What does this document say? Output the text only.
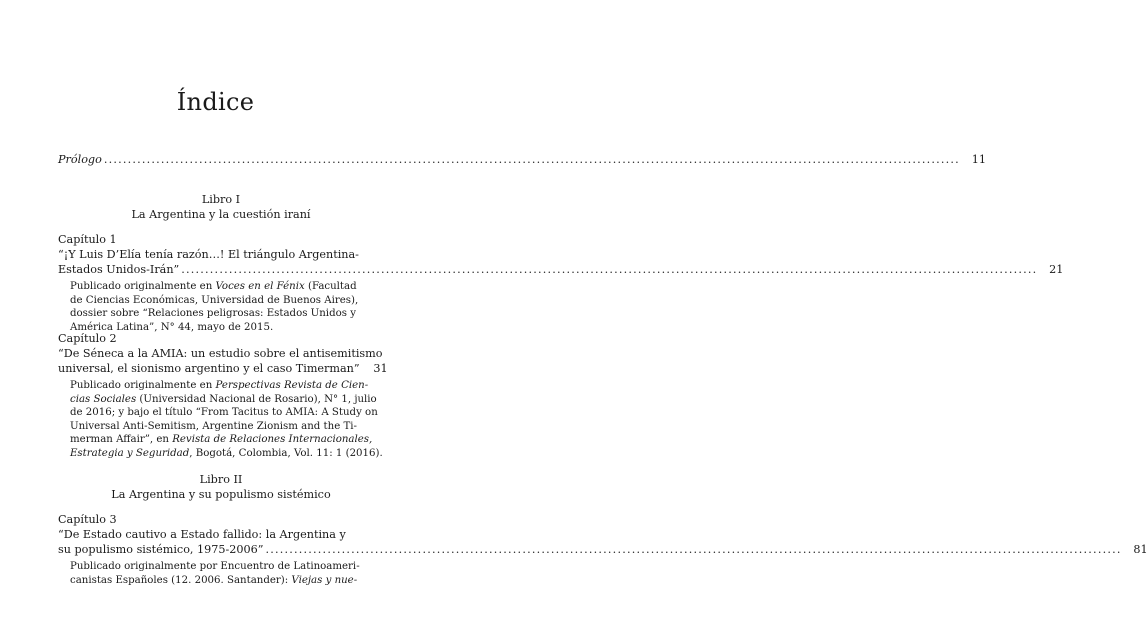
Índice
Prólogo .....	11
Libro I
La Argentina y la cuestión iraní
Capítulo 1
“¡Y Luis D’Elía tenía razón…! El triángulo Argentina-
Estados Unidos-Irán” .....	21
Publicado originalmente en Voces en el Fénix (Facultad
de Ciencias Económicas, Universidad de Buenos Aires),
dossier sobre “Relaciones peligrosas: Estados Unidos y
América Latina”, N° 44, mayo de 2015.
Capítulo 2
“De Séneca a la AMIA: un estudio sobre el antisemitismo
universal, el sionismo argentino y el caso Timerman”	31
Publicado originalmente en Perspectivas Revista de Cien-
cias Sociales (Universidad Nacional de Rosario), N° 1, julio
de 2016; y bajo el título “From Tacitus to AMIA: A Study on
Universal Anti-Semitism, Argentine Zionism and the Ti-
merman Affair”, en Revista de Relaciones Internacionales,
Estrategia y Seguridad, Bogotá, Colombia, Vol. 11: 1 (2016).
Libro II
La Argentina y su populismo sistémico
Capítulo 3
“De Estado cautivo a Estado fallido: la Argentina y
su populismo sistémico, 1975-2006” .....	81
Publicado originalmente por Encuentro de Latinoameri-
canistas Españoles (12. 2006. Santander): Viejas y nue-
